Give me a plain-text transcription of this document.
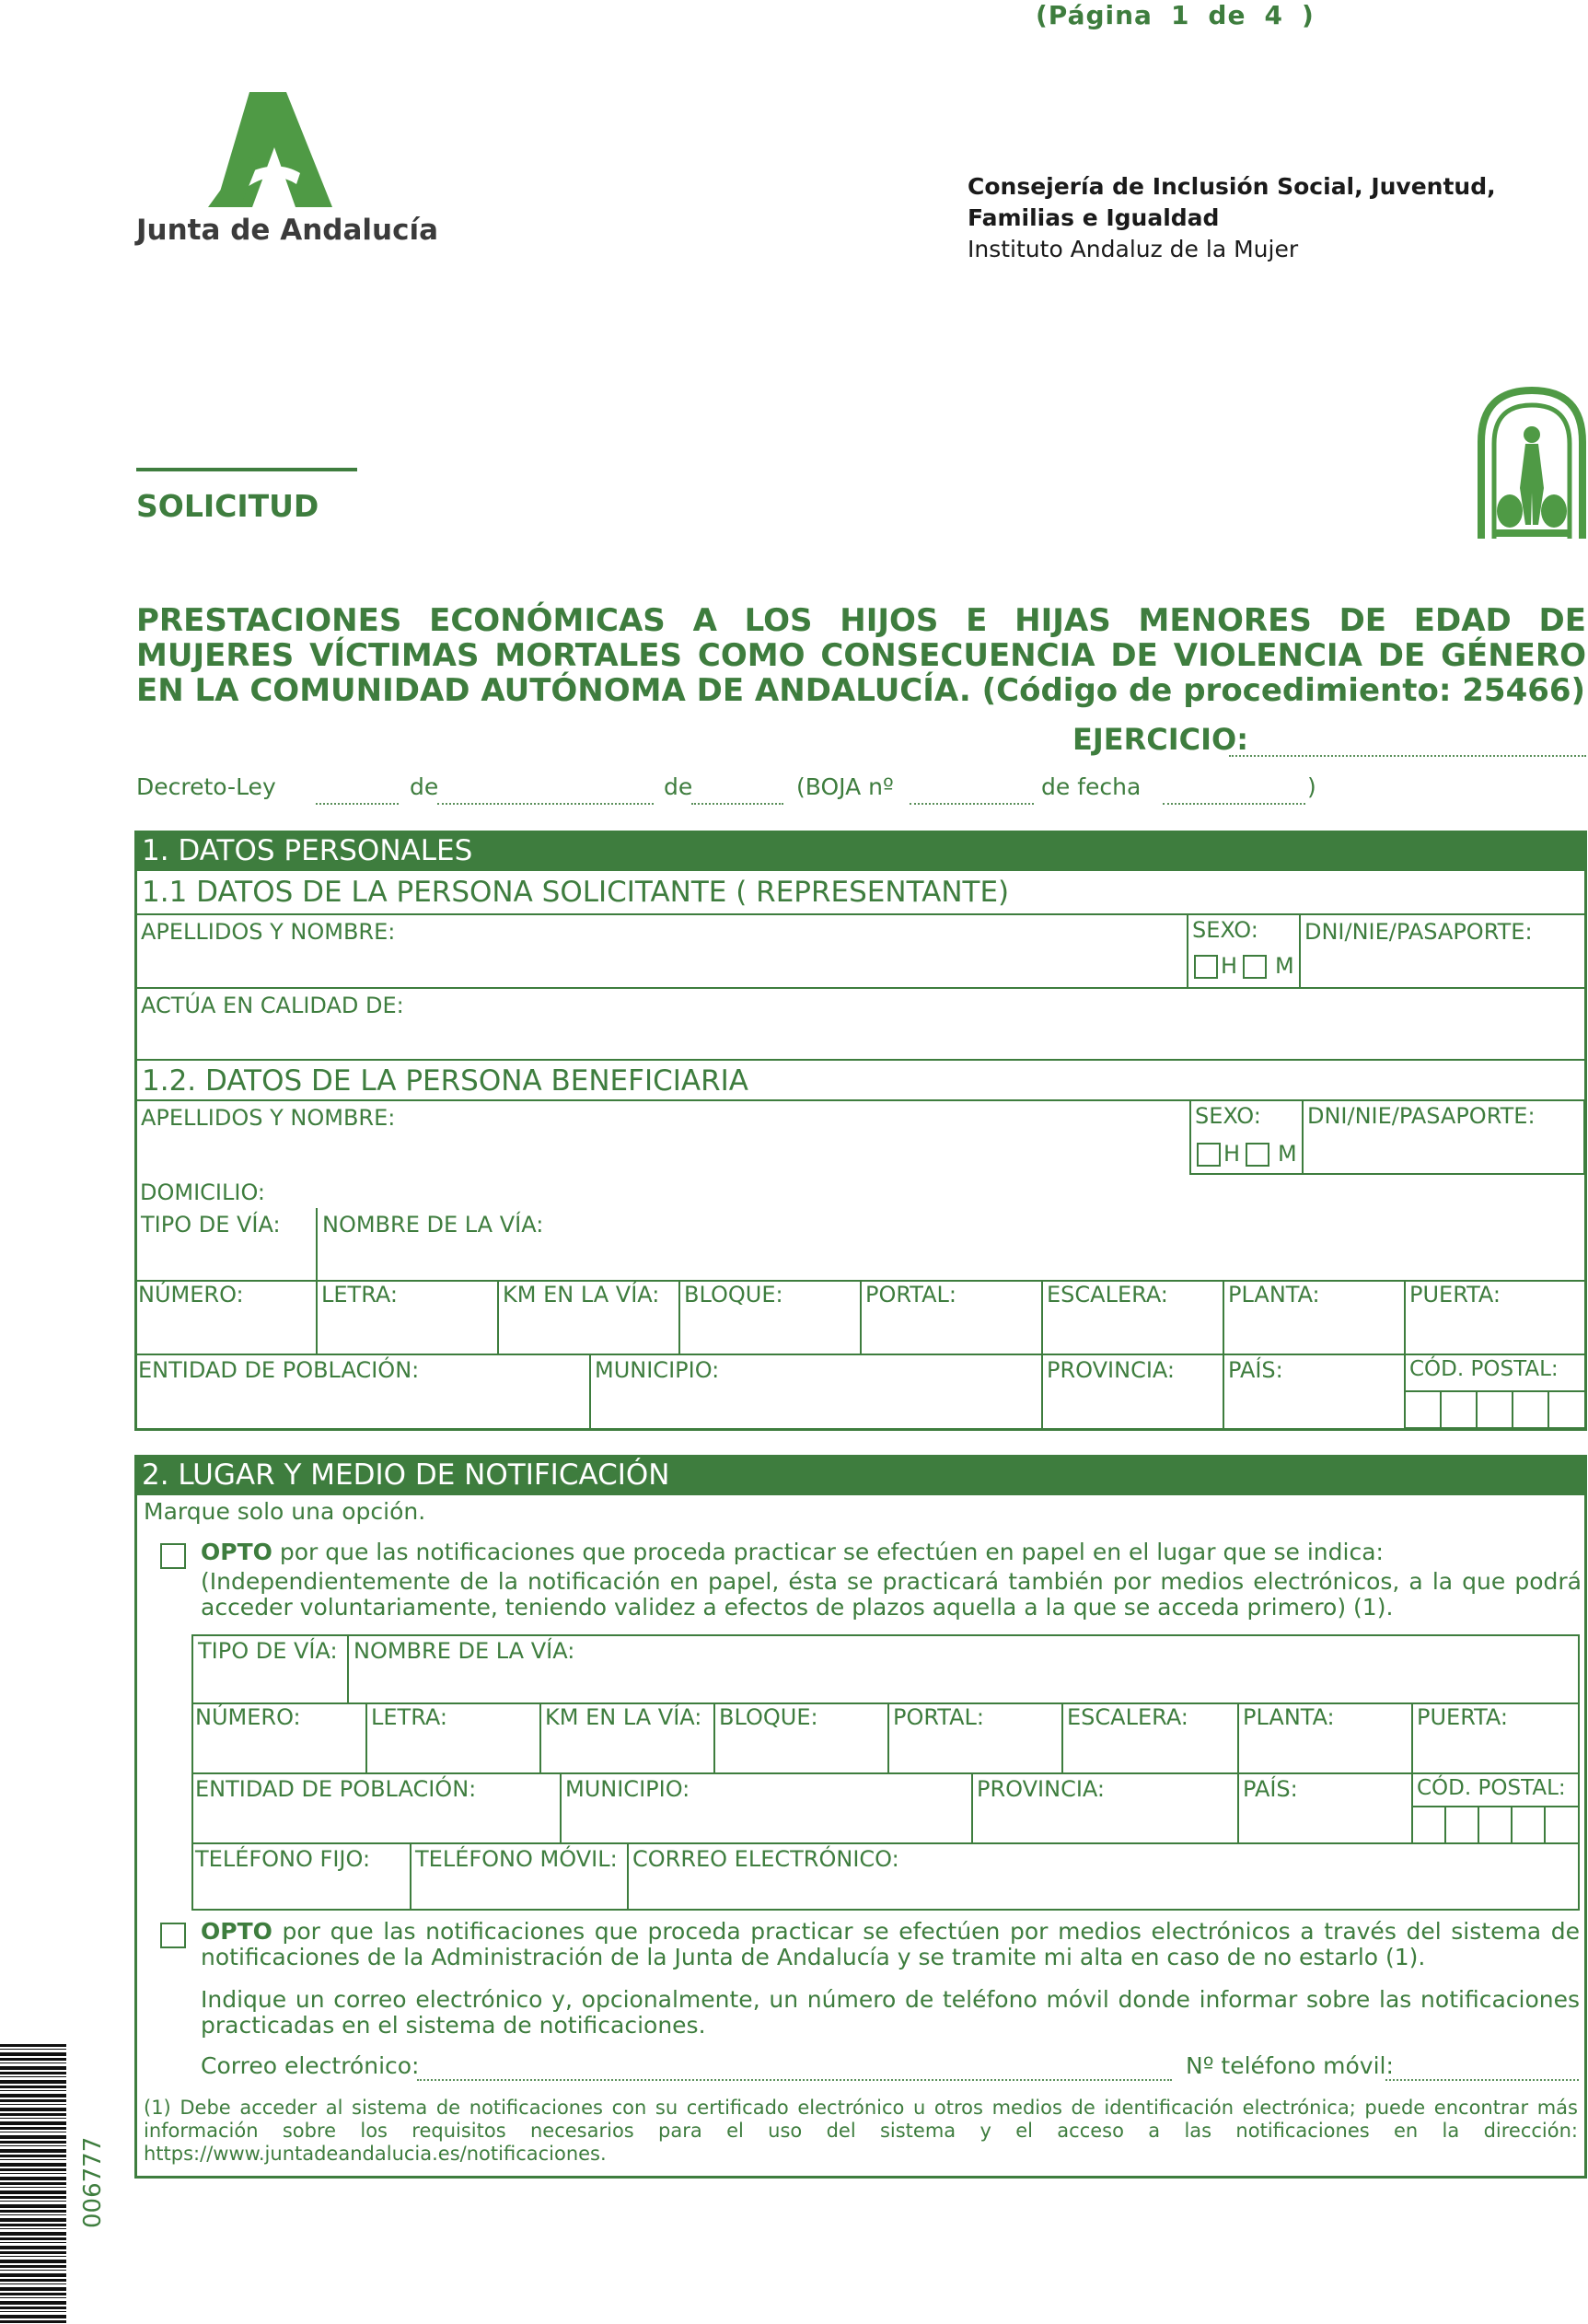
(Página 1 de 4 )
Junta de Andalucía
Consejería de Inclusión Social, Juventud,
Familias e Igualdad
Instituto Andaluz de la Mujer
SOLICITUD
PRESTACIONES ECONÓMICAS A LOS HIJOS E HIJAS MENORES DE EDAD DE MUJERES VÍCTIMAS MORTALES COMO CONSECUENCIA DE VIOLENCIA DE GÉNERO EN LA COMUNIDAD AUTÓNOMA DE ANDALUCÍA. (Código de procedimiento: 25466)
EJERCICIO:
Decreto-Ley	de	de	(BOJA nº	de fecha	)
1. DATOS PERSONALES
1.1 DATOS DE LA PERSONA SOLICITANTE ( REPRESENTANTE)
APELLIDOS Y NOMBRE:	SEXO:
H M
DNI/NIE/PASAPORTE:
ACTÚA EN CALIDAD DE:
1.2. DATOS DE LA PERSONA BENEFICIARIA
APELLIDOS Y NOMBRE:	SEXO:
H M
DNI/NIE/PASAPORTE:
DOMICILIO:
TIPO DE VÍA:	NOMBRE DE LA VÍA:
NÚMERO:	LETRA:	KM EN LA VÍA:	BLOQUE:	PORTAL:	ESCALERA:	PLANTA:	PUERTA:
ENTIDAD DE POBLACIÓN:	MUNICIPIO:	PROVINCIA:	PAÍS:	CÓD. POSTAL:
2. LUGAR Y MEDIO DE NOTIFICACIÓN
Marque solo una opción.
OPTO por que las notificaciones que proceda practicar se efectúen en papel en el lugar que se indica:
(Independientemente de la notificación en papel, ésta se practicará también por medios electrónicos, a la que podrá acceder voluntariamente, teniendo validez a efectos de plazos aquella a la que se acceda primero) (1).
TIPO DE VÍA: NOMBRE DE LA VÍA:
NÚMERO:	LETRA:	KM EN LA VÍA: BLOQUE:	PORTAL:	ESCALERA:	PLANTA:	PUERTA:
ENTIDAD DE POBLACIÓN:	MUNICIPIO:	PROVINCIA:	PAÍS:	CÓD. POSTAL:
TELÉFONO FIJO:	TELÉFONO MÓVIL: CORREO ELECTRÓNICO:
OPTO por que las notificaciones que proceda practicar se efectúen por medios electrónicos a través del sistema de notificaciones de la Administración de la Junta de Andalucía y se tramite mi alta en caso de no estarlo (1).
Indique un correo electrónico y, opcionalmente, un número de teléfono móvil donde informar sobre las notificaciones practicadas en el sistema de notificaciones.
Correo electrónico:	Nº teléfono móvil:
(1) Debe acceder al sistema de notificaciones con su certificado electrónico u otros medios de identificación electrónica; puede encontrar más información sobre los requisitos necesarios para el uso del sistema y el acceso a las notificaciones en la dirección: https://www.juntadeandalucia.es/notificaciones.
006777
